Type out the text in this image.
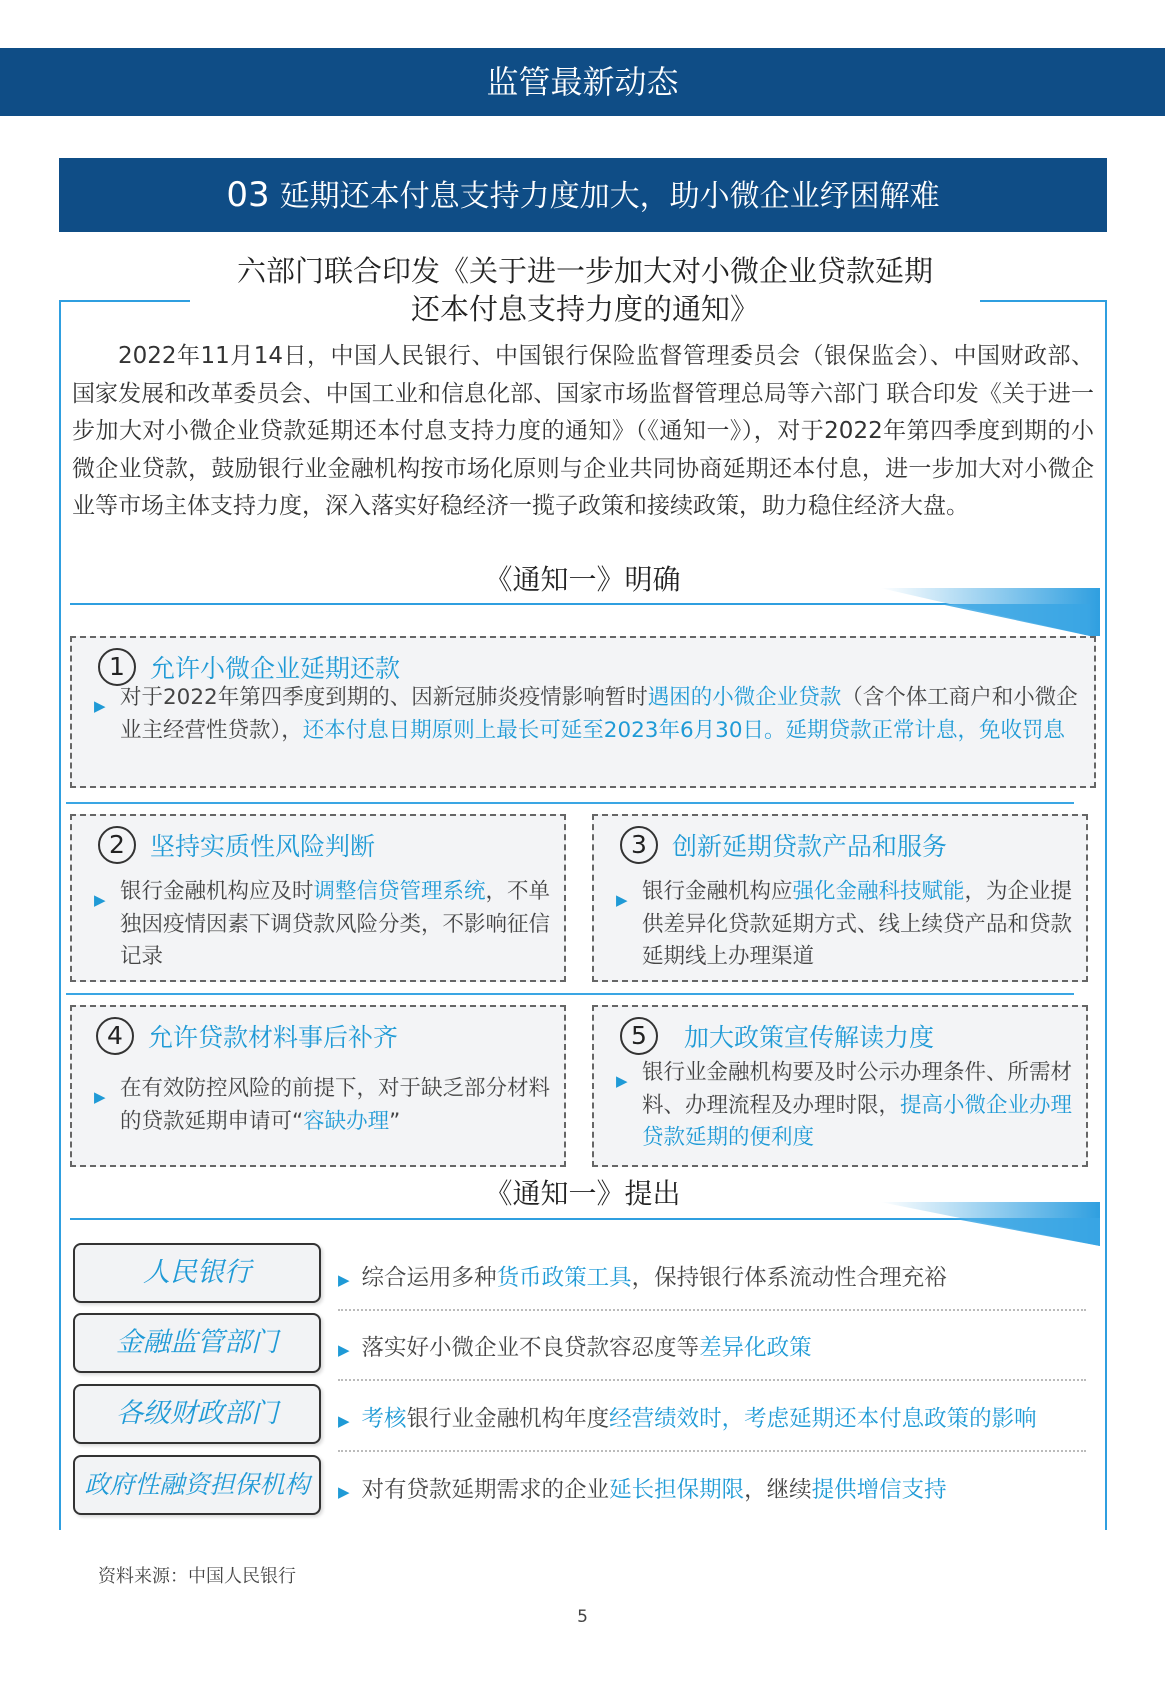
监管最新动态
03 延期还本付息支持力度加大，助小微企业纾困解难
六部门联合印发《关于进一步加大对小微企业贷款延期
还本付息支持力度的通知》
2022年11月14日，中国人民银行、中国银行保险监督管理委员会（银保监会）、中国财政部、国家发展和改革委员会、中国工业和信息化部、国家市场监督管理总局等六部门 联合印发《关于进一步加大对小微企业贷款延期还本付息支持力度的通知》（《通知一》），对于2022年第四季度到期的小微企业贷款，鼓励银行业金融机构按市场化原则与企业共同协商延期还本付息，进一步加大对小微企业等市场主体支持力度，深入落实好稳经济一揽子政策和接续政策，助力稳住经济大盘。
《通知一》明确
1	允许小微企业延期还款
▶ 对于2022年第四季度到期的、因新冠肺炎疫情影响暂时遇困的小微企业贷款（含个体工商户和小微企业主经营性贷款），还本付息日期原则上最长可延至2023年6月30日。延期贷款正常计息，免收罚息
2	坚持实质性风险判断
▶ 银行金融机构应及时调整信贷管理系统，不单独因疫情因素下调贷款风险分类，不影响征信记录
3	创新延期贷款产品和服务
▶ 银行金融机构应强化金融科技赋能，为企业提供差异化贷款延期方式、线上续贷产品和贷款延期线上办理渠道
4	允许贷款材料事后补齐
▶ 在有效防控风险的前提下，对于缺乏部分材料的贷款延期申请可“容缺办理”
5	加大政策宣传解读力度
▶ 银行业金融机构要及时公示办理条件、所需材料、办理流程及办理时限，提高小微企业办理贷款延期的便利度
《通知一》提出
人民银行	▶ 综合运用多种货币政策工具，保持银行体系流动性合理充裕
金融监管部门	▶ 落实好小微企业不良贷款容忍度等差异化政策
各级财政部门	▶ 考核银行业金融机构年度经营绩效时，考虑延期还本付息政策的影响
政府性融资担保机构	▶ 对有贷款延期需求的企业延长担保期限，继续提供增信支持
资料来源：中国人民银行
5
